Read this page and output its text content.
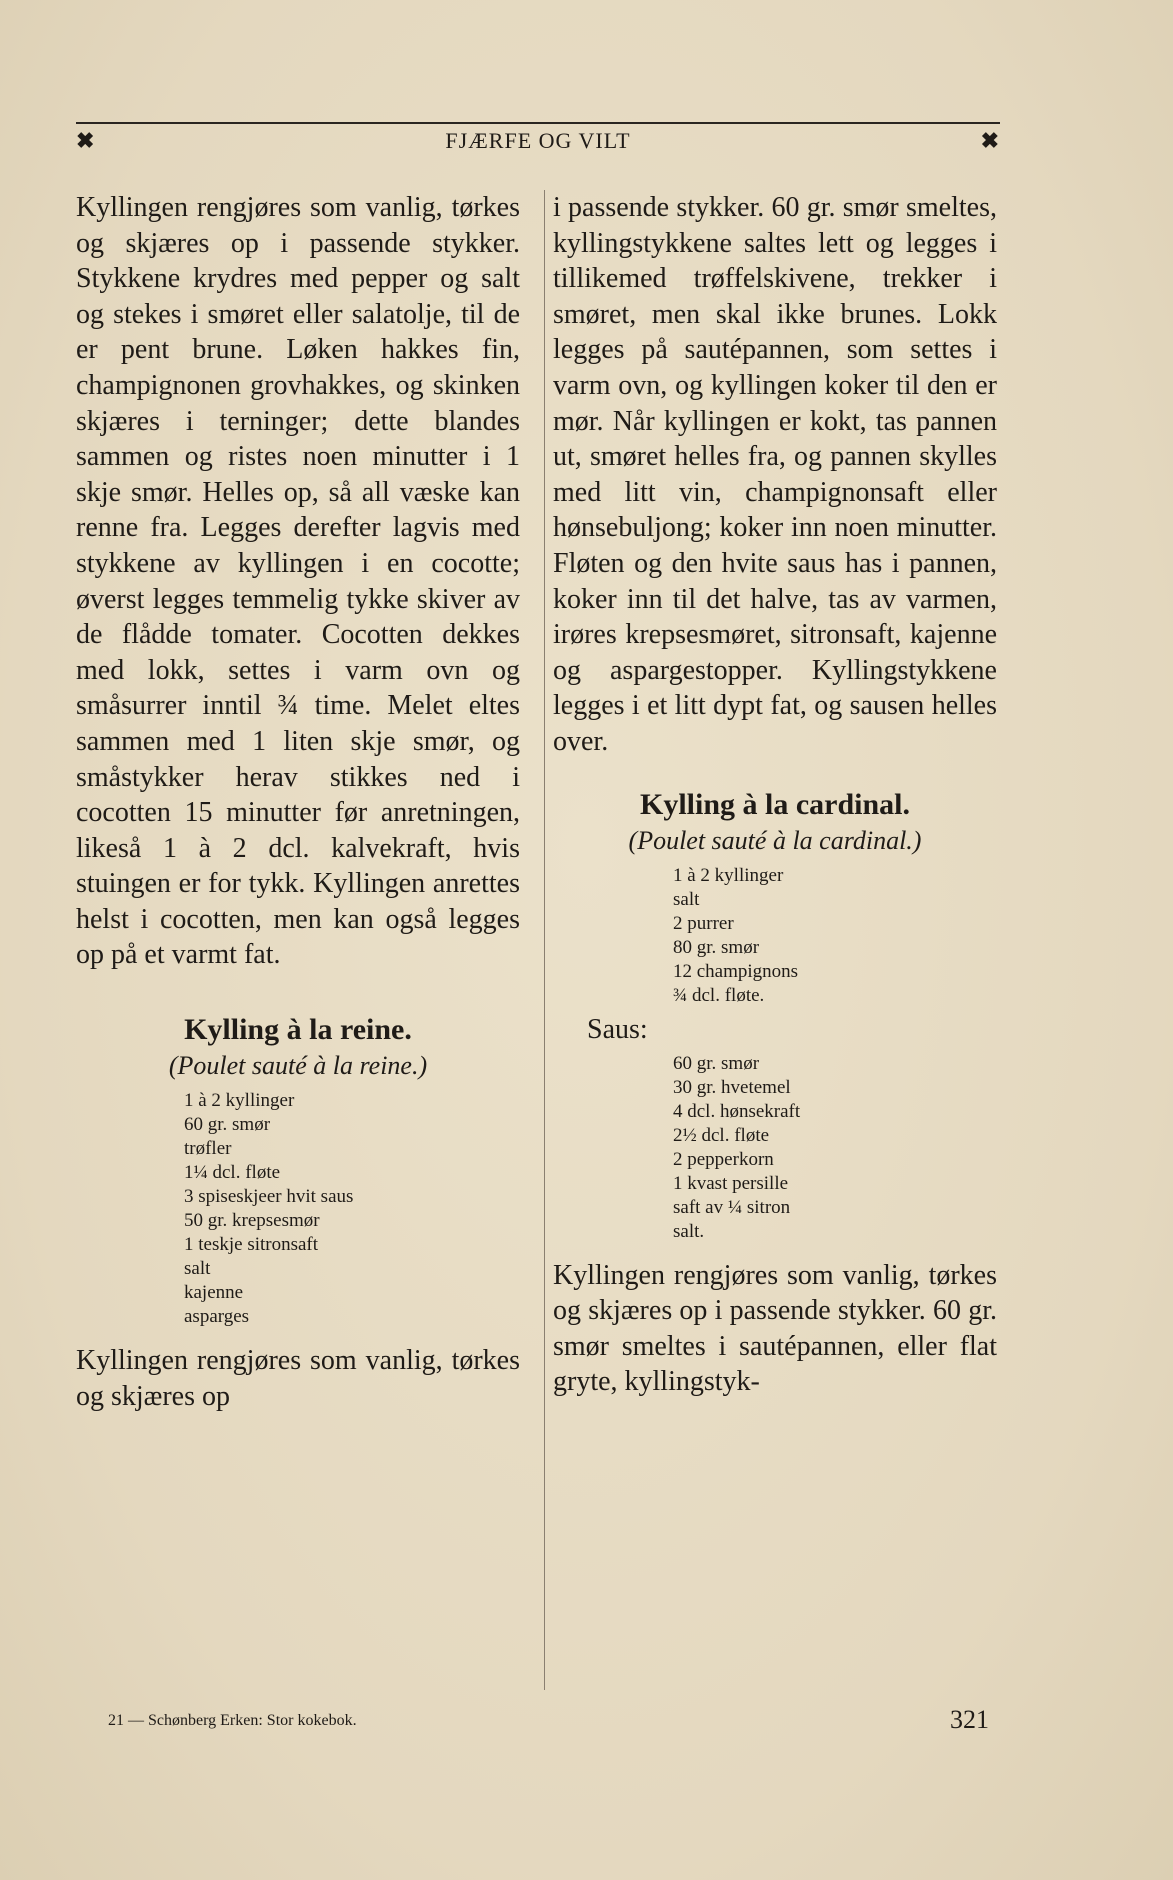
✖	FJÆRFE OG VILT	✖

Kyllingen rengjøres som vanlig, tørkes og skjæres op i passende stykker. Stykkene krydres med pepper og salt og stekes i smøret eller salatolje, til de er pent brune. Løken hakkes fin, champignonen grovhakkes, og skinken skjæres i terninger; dette blandes sammen og ristes noen minutter i 1 skje smør. Helles op, så all væske kan renne fra. Legges derefter lagvis med stykkene av kyllingen i en cocotte; øverst legges temmelig tykke skiver av de flådde tomater. Cocotten dekkes med lokk, settes i varm ovn og småsurrer inntil ¾ time. Melet eltes sammen med 1 liten skje smør, og småstykker herav stikkes ned i cocotten 15 minutter før anretningen, likeså 1 à 2 dcl. kalvekraft, hvis stuingen er for tykk. Kyllingen anrettes helst i cocotten, men kan også legges op på et varmt fat.

Kylling à la reine.
(Poulet sauté à la reine.)
1 à 2 kyllinger
60 gr. smør
trøfler
1¼ dcl. fløte
3 spiseskjeer hvit saus
50 gr. krepsesmør
1 teskje sitronsaft
salt
kajenne
asparges

Kyllingen rengjøres som vanlig, tørkes og skjæres op

i passende stykker. 60 gr. smør smeltes, kyllingstykkene saltes lett og legges i tillikemed trøffelskivene, trekker i smøret, men skal ikke brunes. Lokk legges på sautépannen, som settes i varm ovn, og kyllingen koker til den er mør. Når kyllingen er kokt, tas pannen ut, smøret helles fra, og pannen skylles med litt vin, champignonsaft eller hønsebuljong; koker inn noen minutter. Fløten og den hvite saus has i pannen, koker inn til det halve, tas av varmen, irøres krepsesmøret, sitronsaft, kajenne og aspargestopper. Kyllingstykkene legges i et litt dypt fat, og sausen helles over.

Kylling à la cardinal.
(Poulet sauté à la cardinal.)
1 à 2 kyllinger
salt
2 purrer
80 gr. smør
12 champignons
¾ dcl. fløte.
Saus:
60 gr. smør
30 gr. hvetemel
4 dcl. hønsekraft
2½ dcl. fløte
2 pepperkorn
1 kvast persille
saft av ¼ sitron
salt.

Kyllingen rengjøres som vanlig, tørkes og skjæres op i passende stykker. 60 gr. smør smeltes i sautépannen, eller flat gryte, kyllingstyk-

21 — Schønberg Erken: Stor kokebok.	321
